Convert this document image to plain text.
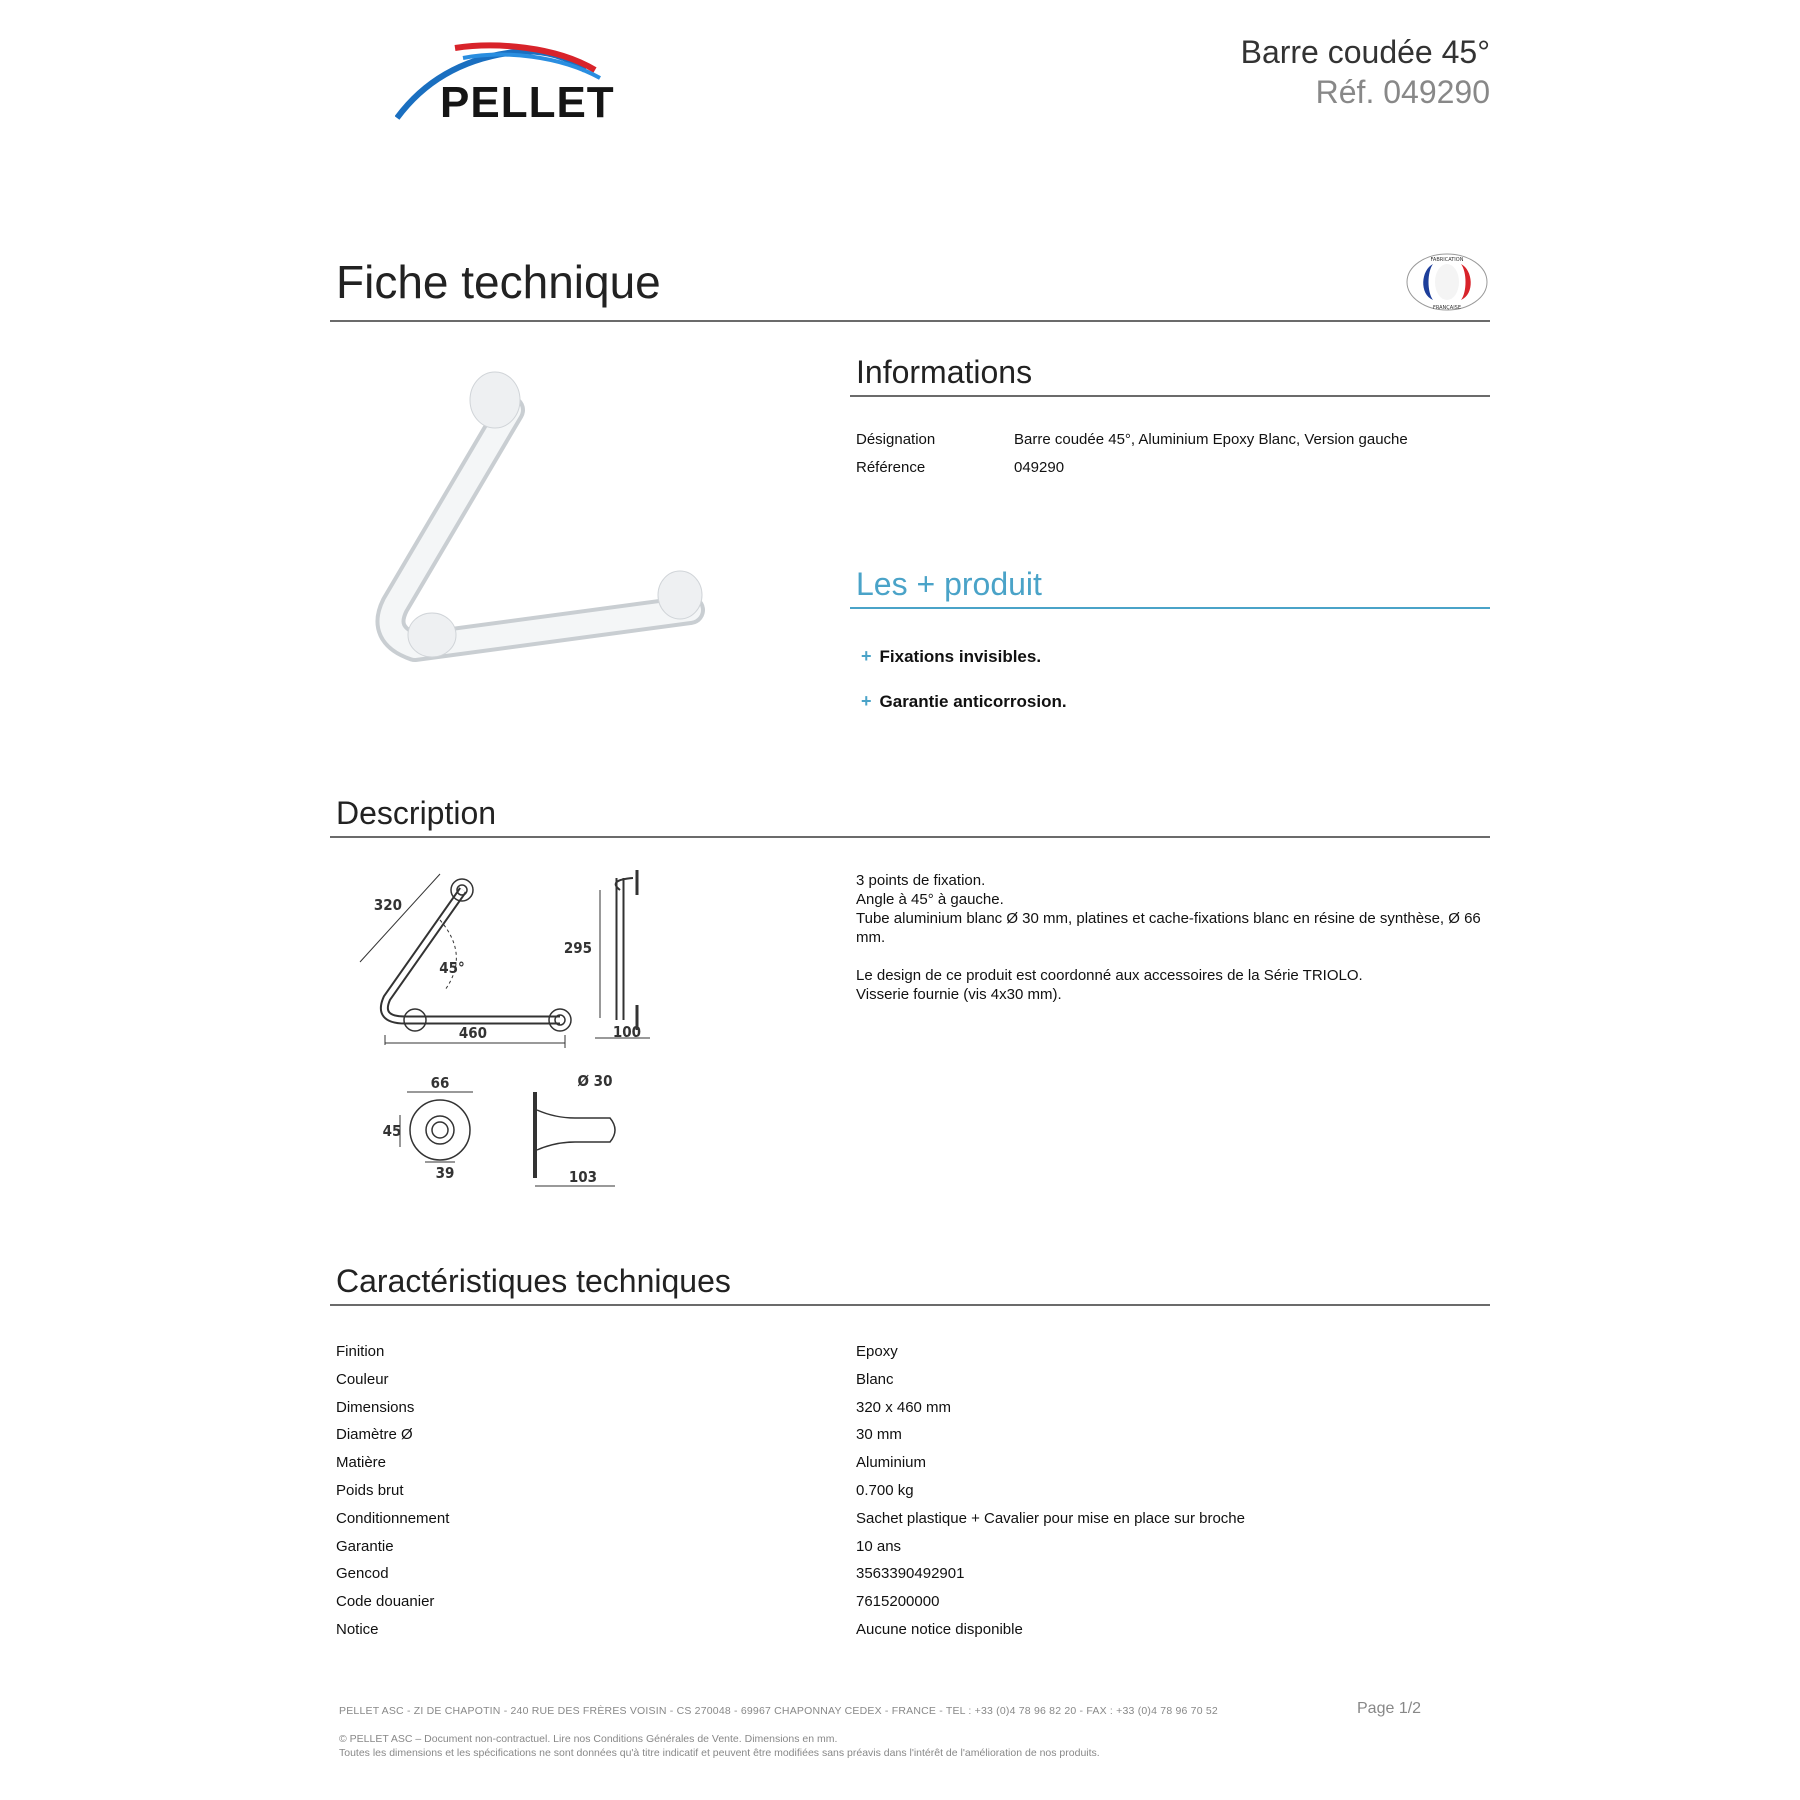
PELLET
Barre coudée 45°
Réf. 049290
Fiche technique	FABRICATION
FRANÇAISE
Informations
Désignation	Barre coudée 45°, Aluminium Epoxy Blanc, Version gauche
Référence	049290
Les + produit
+ Fixations invisibles.
+ Garantie anticorrosion.
Description
320
45°
460
295
100
66
45
39
Ø 30
103

3 points de fixation.

Angle à 45° à gauche.

Tube aluminium blanc Ø 30 mm, platines et cache-fixations blanc en résine de synthèse, Ø 66 mm.

Le design de ce produit est coordonné aux accessoires de la Série TRIOLO.

Visserie fournie (vis 4x30 mm).

Caractéristiques techniques
Finition	Epoxy
Couleur	Blanc
Dimensions	320 x 460 mm
Diamètre Ø	30 mm
Matière	Aluminium
Poids brut	0.700 kg
Conditionnement	Sachet plastique + Cavalier pour mise en place sur broche
Garantie	10 ans
Gencod	3563390492901
Code douanier	7615200000
Notice	Aucune notice disponible
PELLET ASC - ZI DE CHAPOTIN - 240 RUE DES FRÈRES VOISIN - CS 270048 - 69967 CHAPONNAY CEDEX - FRANCE - TEL : +33 (0)4 78 96 82 20 - FAX : +33 (0)4 78 96 70 52	Page 1/2
© PELLET ASC – Document non-contractuel. Lire nos Conditions Générales de Vente. Dimensions en mm.
Toutes les dimensions et les spécifications ne sont données qu'à titre indicatif et peuvent être modifiées sans préavis dans l'intérêt de l'amélioration de nos produits.
